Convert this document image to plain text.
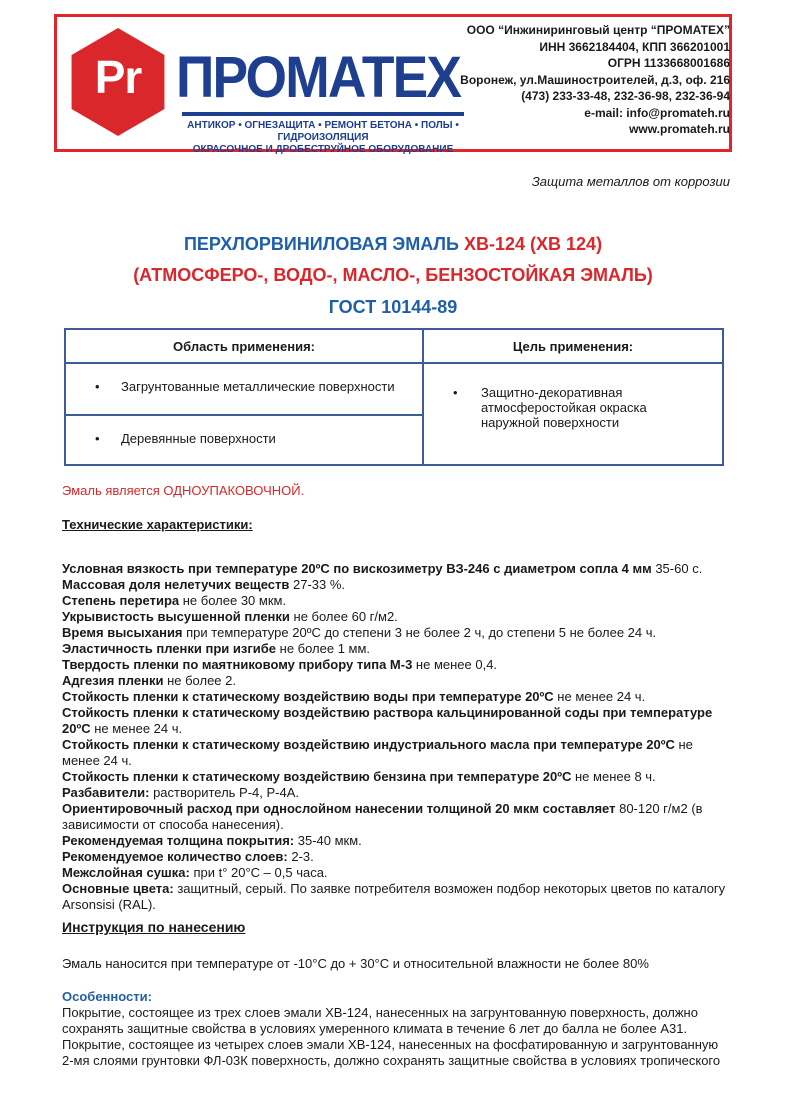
Pr ПРОМАТЕХ
АНТИКОР • ОГНЕЗАЩИТА • РЕМОНТ БЕТОНА • ПОЛЫ • ГИДРОИЗОЛЯЦИЯ
ОКРАСОЧНОЕ И ДРОБЕСТРУЙНОЕ ОБОРУДОВАНИЕ
ООО “Инжиниринговый центр “ПРОМАТЕХ”
ИНН 3662184404, КПП 366201001
ОГРН 1133668001686
Воронеж, ул.Машиностроителей, д.3, оф. 216
(473) 233-33-48, 232-36-98, 232-36-94
e-mail: info@promateh.ru
www.promateh.ru
Защита металлов от коррозии
ПЕРХЛОРВИНИЛОВАЯ ЭМАЛЬ ХВ-124 (ХВ 124)
(АТМОСФЕРО-, ВОДО-, МАСЛО-, БЕНЗОСТОЙКАЯ ЭМАЛЬ)
ГОСТ 10144-89
Область применения:	Цель применения:

• Загрунтованные металлические поверхности	• Защитно-декоративная атмосферостойкая окраска наружной поверхности

• Деревянные поверхности	
Эмаль является ОДНОУПАКОВОЧНОЙ.
Технические характеристики:

Условная вязкость при температуре 20ºС по вискозиметру ВЗ-246 с диаметром сопла 4 мм 35-60 с.

Массовая доля нелетучих веществ 27-33 %.

Степень перетира не более 30 мкм.

Укрывистость высушенной пленки не более 60 г/м2.

Время высыхания при температуре 20ºС до степени 3 не более 2 ч, до степени 5 не более 24 ч.

Эластичность пленки при изгибе не более 1 мм.

Твердость пленки по маятниковому прибору типа М-3 не менее 0,4.

Адгезия пленки не более 2.

Стойкость пленки к статическому воздействию воды при температуре 20ºС не менее 24 ч.

Стойкость пленки к статическому воздействию раствора кальцинированной соды при температуре 20ºС не менее 24 ч.

Стойкость пленки к статическому воздействию индустриального масла при температуре 20ºС не менее 24 ч.

Стойкость пленки к статическому воздействию бензина при температуре 20ºС не менее 8 ч.

Разбавители: растворитель Р-4, Р-4А.

Ориентировочный расход при однослойном нанесении толщиной 20 мкм составляет 80-120 г/м2 (в зависимости от способа нанесения).

Рекомендуемая толщина покрытия: 35-40 мкм.

Рекомендуемое количество слоев: 2-3.

Межслойная сушка: при t° 20°С – 0,5 часа.

Основные цвета: защитный, серый. По заявке потребителя возможен подбор некоторых цветов по каталогу Arsonsisi (RAL).

Инструкция по нанесению
Эмаль наносится при температуре от -10°С до + 30°С и относительной влажности не более 80%
Особенности:

Покрытие, состоящее из трех слоев эмали ХВ-124, нанесенных на загрунтованную поверхность, должно

сохранять защитные свойства в условиях умеренного климата в течение 6 лет до балла не более А31.

Покрытие, состоящее из четырех слоев эмали ХВ-124, нанесенных на фосфатированную и загрунтованную

2-мя слоями грунтовки ФЛ-03К поверхность, должно сохранять защитные свойства в условиях тропического
